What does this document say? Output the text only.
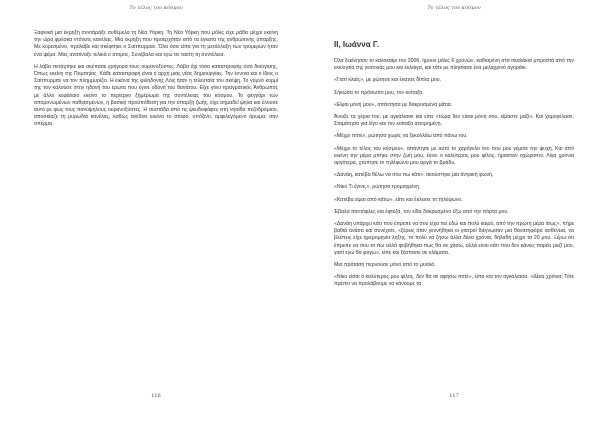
Το τέλος του κόσμου

Ξαφνικά μια έκρηξη συντάραξε συθέμελα τη Νέα Υόρκη. Τη Νέα Υόρκη που μόλις είχε μάθει μέχρι εκείνη την ώρα φρέσκα ντόνατς κανέλας. Μια έκρηξη που προερχόταν από τα έγκατα της ανθρώπινης ύπαρξης. Με κορεσμένο, πρόλαβε και σκέφτηκε ο Σαίτπυρμαν. Όλα όσα είπα για τη μετάλλαξη των τρομερών ήταν ένα ψέμα. Μας ανατίναξε τελικά ο άτομος. Συνέβαλα και εγώ σε ταύτη τη συντέλεια.

Η λάβα πετάχτηκε και σκέπασε γρήγορα τους ουρανοξύστες. Λάβα όχι τόσο καταστροφής όσο διαύγισης. Όπως εκείνη της Πομπηίας. Κάθε καταστροφή είναι η αρχή μιας νέας δημιουργίας. Την έννοια και ο ίδιος ο Σαίτπυρμαν να τον πλημμυρίζει. Η εικόνα της φιλήδονης Λόις ήταν η τελευταία του σκέψη. Το γυμνό κορμί της τον καλούσε στην ηδονή του έρωτα που έγινε οδύνη του θανάτου. Είχε γίνει πραγματικός Άνθρωπος με άλλο κεφάλαιο εκείνο το περίεργο ξημέρωμα της συντέλειας του κόσμου. Το φεγγάρι των απομονωμένων παθιασμένων, η βασική προϋπόθεση για την ύπαρξη ζωής, είχε σημαδεί ψηλά και έλουσε αυτό με φως τους πανύψηλους ουρανοξύστες. Η συστάδα από τις ψευδοφάφες στη νησίδα πεζοδρόμιου, αποσκίαζε τη μυρωδιά κανέλας, καθώς ανέδινε εκείνο το στυφό, υπόξινο, αμφιλεγόμενο άρωμα, σαν σπέρμα.

116
Το τέλος του κόσμου
ΙΙ, Ιωάννα Γ.

Όλα ξεκίνησαν το καλοκαίρι του 2006, ήμουν μόλις 6 χρονών, καθισμένη στα σκαλάκια μπροστά από την εκκλησία της γειτονιάς μου και έκλαιγα, και τότε με πλησίασε ένα μελαχρινό αγοράκι.

«Γιατί κλαίς», με ρώτησε και έκατσε δίπλα μου.

Σήκωσα το πρόσωπο μου, τον κοίταξα.

«Είμαι μόνη μου», απάντησα με δακρυσμένα μάτια.

Άνοιξε τα χέρια του, με αγκάλιασε και είπε «τώρα δεν είσαι μόνη σου, είμαστε μαζί». Και χαμογέλασε. Σταμάτησα για λίγο και τον κοίταξα απορημένη.

«Μέχρι πότε», ρώτησα χωρίς να ξεκολλάω από πάνω του.

«Μέχρι το τέλος του κόσμου», απάντησε με αυτό το χαμόγελο του που μου γέμισε την ψυχή. Και από εκείνη την μέρα μπήκε στην ζωή μου, έγινε ο καλύτερος μου φίλος, ήμασταν αχώριστοι. Λίγα χρόνια αργότερα, χτύπησε το τηλέφωνο μου αργά το βράδυ.

«Δανάη, κατέβα θέλω να σου πω κάτι», ακούστηκε μια άντρική φωνή.

«Νίκο Τι έγινε;», ρώτησα τρομαγμένη.

«Κατέβα είμαι από κάτω», είπε και έκλεισε το τηλέφωνο.

Έβαλα παντόφλες και έφτεξα, τον είδα δακρυσμένο έξω από την πόρτα μου.

«Δανάη υπάρχει κάτι που έπρεπε να σου είχα πει εδώ και πολύ καιρό, από την πρώτη μέρα ίσως», πήρε βαθιά ανάσα και συνέχισε, «ξέρεις όταν γεννήθηκα οι γιατροί διέγνωσαν μια θανατηφόρα ασθένεια, να βλέπεις είχε ημερομηνία λήξης, το πολύ να ζήσω άλλα δέκα χρόνια, δηλαδή μέχρι τα 20 μου. Ξέρω ότι έπρεπε να σου το πω αλλά φοβήθηκα πως θα σε χάσω, αλλά είναι κάτι που δεν κάνεις παρέα μαζί μου, γιατί εγώ θα φύγω», είπε και ξέσπασε σε κλάματα.

Μια πρόταση περνούσε μόνο από το μυαλό.

«Νίκο είσαι ο καλύτερος μου φίλος, δεν θα σε αφήσω ποτέ», είπα και τον αγκάλιασα. «Δέκα χρόνια; Τότε πρέπει να προλάβουμε να κάνουμε τα

117
